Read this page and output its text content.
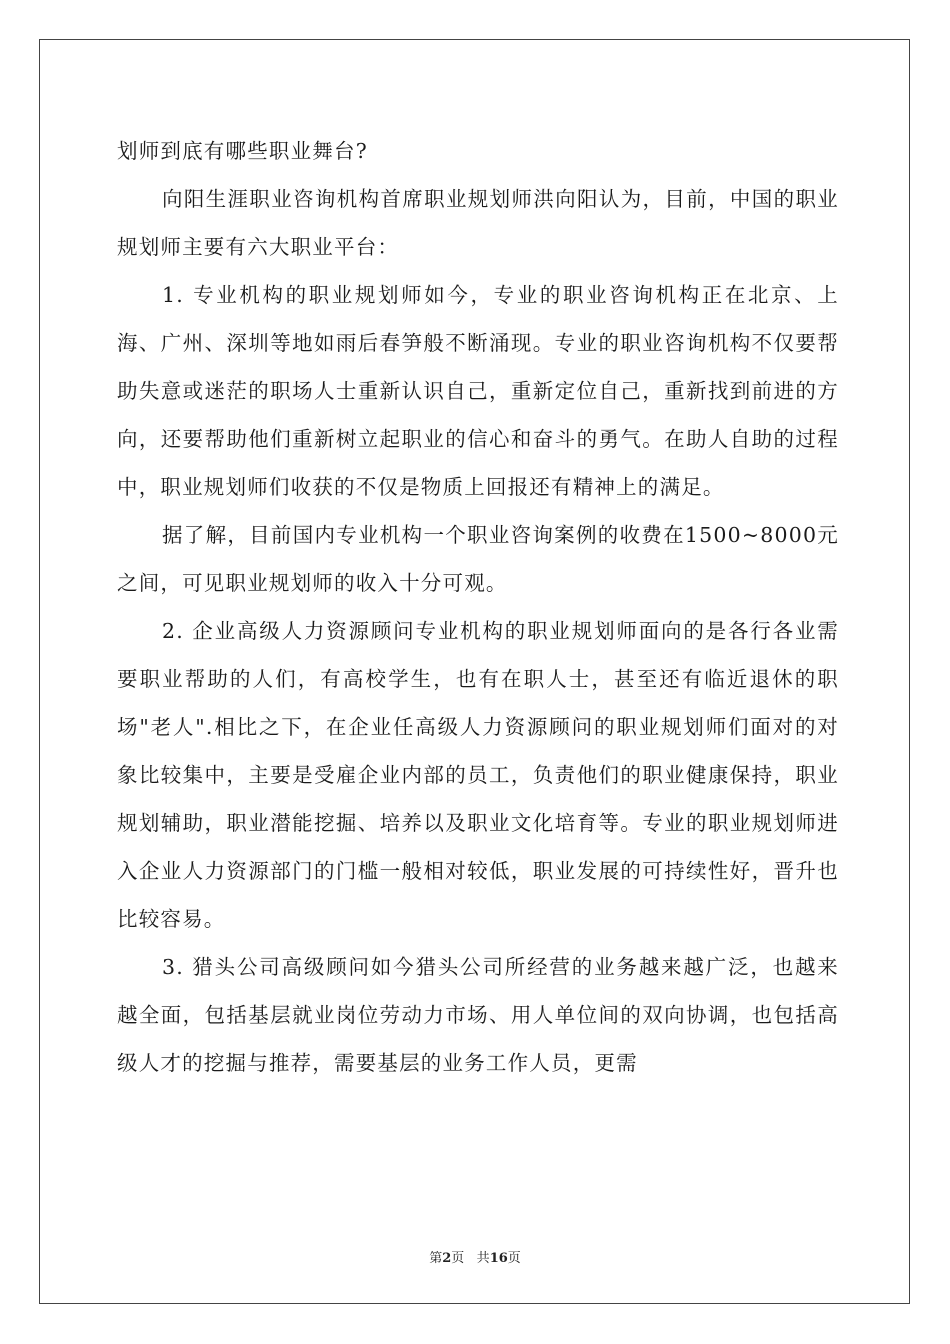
划师到底有哪些职业舞台?

向阳生涯职业咨询机构首席职业规划师洪向阳认为，目前，中国的职业规划师主要有六大职业平台：

1. 专业机构的职业规划师如今，专业的职业咨询机构正在北京、上海、广州、深圳等地如雨后春笋般不断涌现。专业的职业咨询机构不仅要帮助失意或迷茫的职场人士重新认识自己，重新定位自己，重新找到前进的方向，还要帮助他们重新树立起职业的信心和奋斗的勇气。在助人自助的过程中，职业规划师们收获的不仅是物质上回报还有精神上的满足。

据了解，目前国内专业机构一个职业咨询案例的收费在1500~8000元之间，可见职业规划师的收入十分可观。

2. 企业高级人力资源顾问专业机构的职业规划师面向的是各行各业需要职业帮助的人们，有高校学生，也有在职人士，甚至还有临近退休的职场"老人".相比之下，在企业任高级人力资源顾问的职业规划师们面对的对象比较集中，主要是受雇企业内部的员工，负责他们的职业健康保持，职业规划辅助，职业潜能挖掘、培养以及职业文化培育等。专业的职业规划师进入企业人力资源部门的门槛一般相对较低，职业发展的可持续性好，晋升也比较容易。

3. 猎头公司高级顾问如今猎头公司所经营的业务越来越广泛，也越来越全面，包括基层就业岗位劳动力市场、用人单位间的双向协调，也包括高级人才的挖掘与推荐，需要基层的业务工作人员，更需

第2页 共16页
